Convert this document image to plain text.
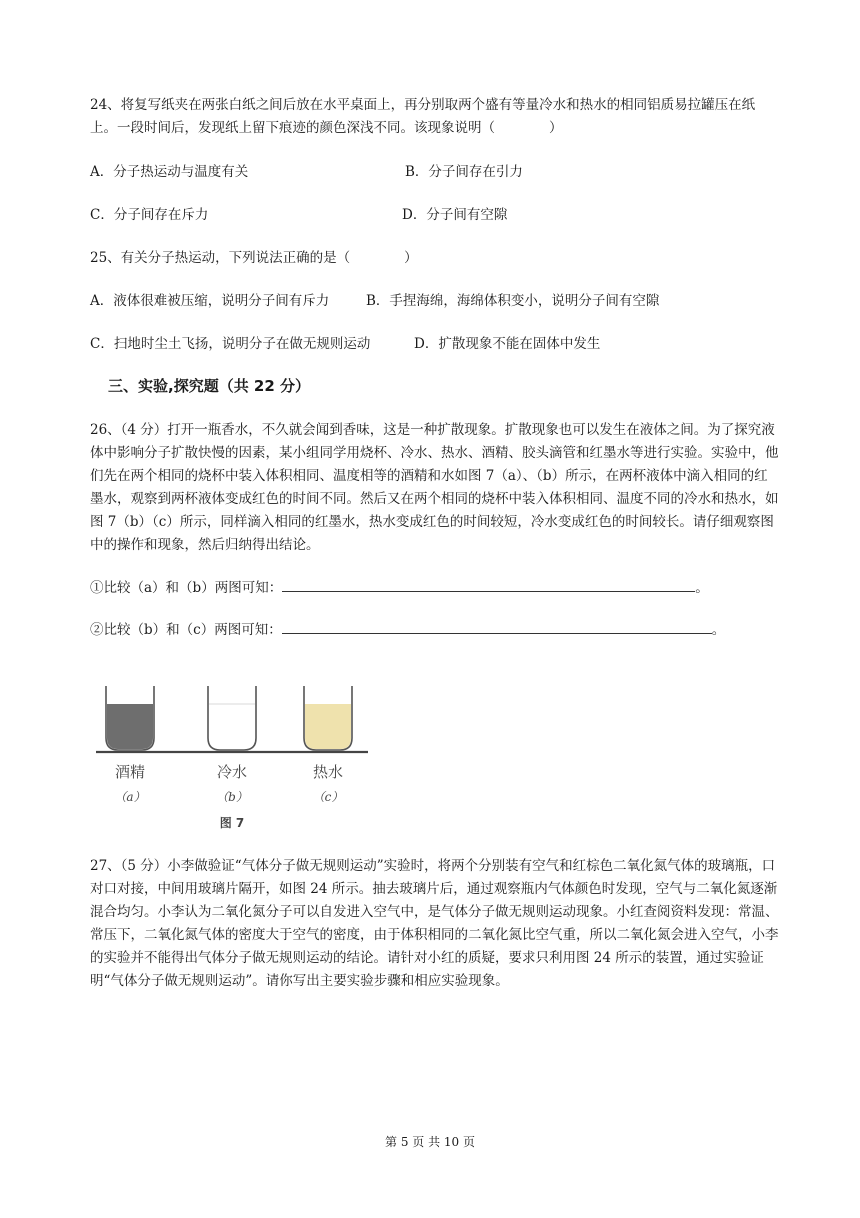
24、将复写纸夹在两张白纸之间后放在水平桌面上，再分别取两个盛有等量冷水和热水的相同铝质易拉罐压在纸上。一段时间后，发现纸上留下痕迹的颜色深浅不同。该现象说明（　　　　）

A．分子热运动与温度有关	B．分子间存在引力
C．分子间存在斥力	D．分子间有空隙
25、有关分子热运动，下列说法正确的是（　　　　）
A．液体很难被压缩，说明分子间有斥力	B．手捏海绵，海绵体积变小，说明分子间有空隙
C．扫地时尘土飞扬，说明分子在做无规则运动	D．扩散现象不能在固体中发生
三、实验,探究题（共 22 分）

26、（4 分）打开一瓶香水，不久就会闻到香味，这是一种扩散现象。扩散现象也可以发生在液体之间。为了探究液体中影响分子扩散快慢的因素，某小组同学用烧杯、冷水、热水、酒精、胶头滴管和红墨水等进行实验。实验中，他们先在两个相同的烧杯中装入体积相同、温度相等的酒精和水如图 7（a）、（b）所示，在两杯液体中滴入相同的红墨水，观察到两杯液体变成红色的时间不同。然后又在两个相同的烧杯中装入体积相同、温度不同的冷水和热水，如图 7（b）（c）所示，同样滴入相同的红墨水，热水变成红色的时间较短，冷水变成红色的时间较长。请仔细观察图中的操作和现象，然后归纳得出结论。

①比较（a）和（b）两图可知：	。
②比较（b）和（c）两图可知：	。
酒精	冷水	热水
（a）	（b）	（c）
图 7

27、（5 分）小李做验证“气体分子做无规则运动”实验时，将两个分别装有空气和红棕色二氧化氮气体的玻璃瓶，口对口对接，中间用玻璃片隔开，如图 24 所示。抽去玻璃片后，通过观察瓶内气体颜色时发现，空气与二氧化氮逐渐混合均匀。小李认为二氧化氮分子可以自发进入空气中，是气体分子做无规则运动现象。小红查阅资料发现：常温、常压下，二氧化氮气体的密度大于空气的密度，由于体积相同的二氧化氮比空气重，所以二氧化氮会进入空气，小李的实验并不能得出气体分子做无规则运动的结论。请针对小红的质疑，要求只利用图 24 所示的装置，通过实验证明“气体分子做无规则运动”。请你写出主要实验步骤和相应实验现象。

第 5 页 共 10 页
